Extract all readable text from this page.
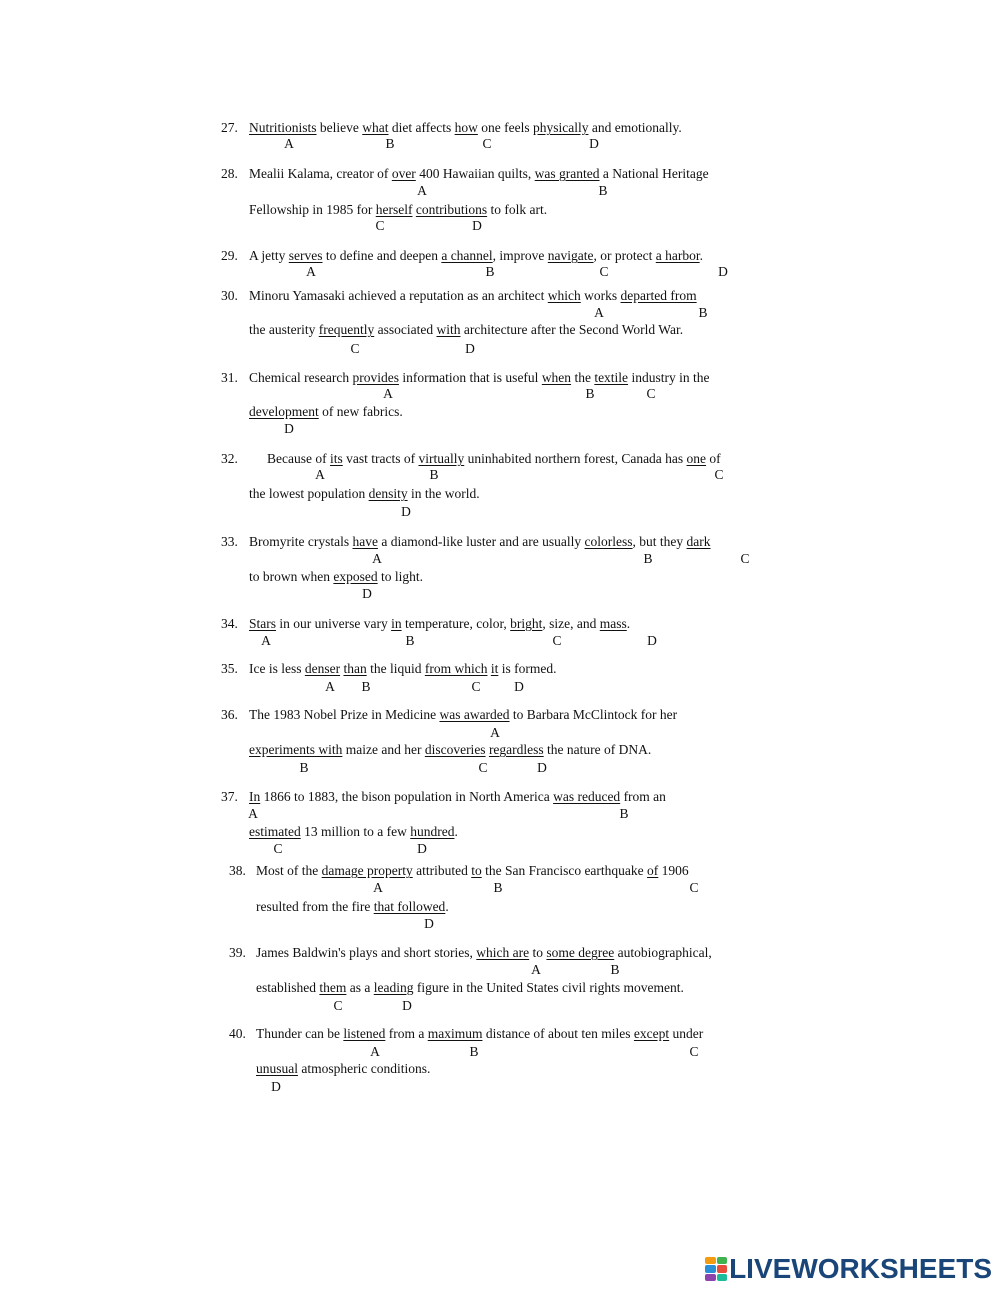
27. Nutritionists believe what diet affects how one feels physically and emotionally.
A	B	C	D
28. Mealii Kalama, creator of over 400 Hawaiian quilts, was granted a National Heritage
Fellowship in 1985 for herself contributions to folk art.
A	B
C	D
29. A jetty serves to define and deepen a channel, improve navigate, or protect a harbor.
A	B	C	D
30. Minoru Yamasaki achieved a reputation as an architect which works departed from
the austerity frequently associated with architecture after the Second World War.
A	B
C	D
31. Chemical research provides information that is useful when the textile industry in the
development of new fabrics.
A	B	C
D
32. Because of its vast tracts of virtually uninhabited northern forest, Canada has one of
the lowest population density in the world.
A	B	C
D
33. Bromyrite crystals have a diamond-like luster and are usually colorless, but they dark
to brown when exposed to light.
A	B	C
D
34. Stars in our universe vary in temperature, color, bright, size, and mass.
A	B	C	D
35. Ice is less denser than the liquid from which it is formed.
A B	C D
36. The 1983 Nobel Prize in Medicine was awarded to Barbara McClintock for her
experiments with maize and her discoveries regardless the nature of DNA.
A
B	C	D
37. In 1866 to 1883, the bison population in North America was reduced from an
estimated 13 million to a few hundred.
A	B
C	D
38. Most of the damage property attributed to the San Francisco earthquake of 1906
resulted from the fire that followed.
A	B	C
D
39. James Baldwin's plays and short stories, which are to some degree autobiographical,
established them as a leading figure in the United States civil rights movement.
A	B
C	D
40. Thunder can be listened from a maximum distance of about ten miles except under
unusual atmospheric conditions.
A	B	C
D
LIVEWORKSHEETS
